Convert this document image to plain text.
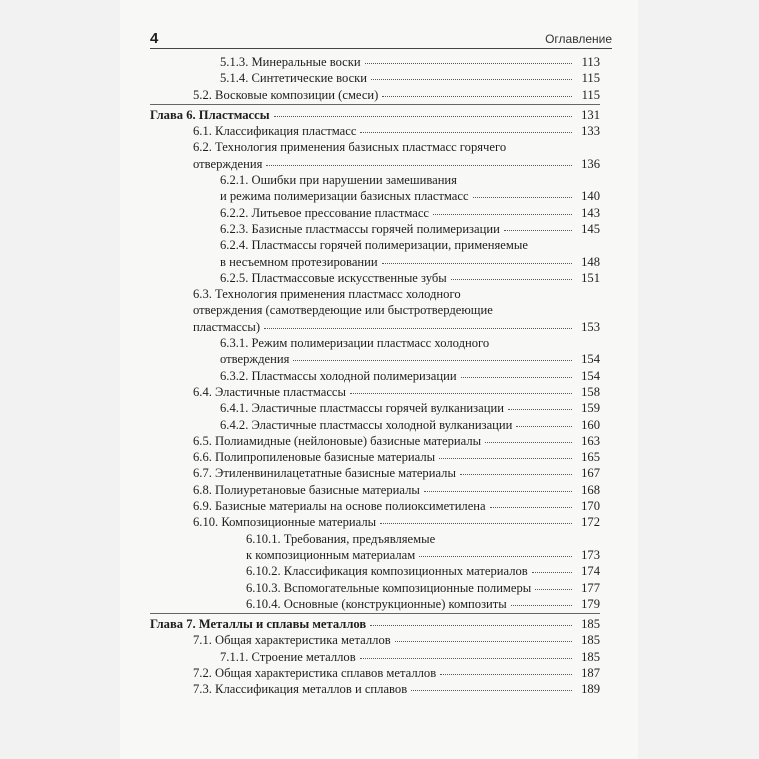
4	Оглавление
5.1.3. Минеральные воски	113
5.1.4. Синтетические воски	115
5.2. Восковые композиции (смеси)	115
Глава 6. Пластмассы	131
6.1. Классификация пластмасс	133
6.2. Технология применения базисных пластмасс горячего
отверждения	136
6.2.1. Ошибки при нарушении замешивания
и режима полимеризации базисных пластмасс	140
6.2.2. Литьевое прессование пластмасс	143
6.2.3. Базисные пластмассы горячей полимеризации	145
6.2.4. Пластмассы горячей полимеризации, применяемые
в несъемном протезировании	148
6.2.5. Пластмассовые искусственные зубы	151
6.3. Технология применения пластмасс холодного
отверждения (самотвердеющие или быстротвердеющие
пластмассы)	153
6.3.1. Режим полимеризации пластмасс холодного
отверждения	154
6.3.2. Пластмассы холодной полимеризации	154
6.4. Эластичные пластмассы	158
6.4.1. Эластичные пластмассы горячей вулканизации	159
6.4.2. Эластичные пластмассы холодной вулканизации	160
6.5. Полиамидные (нейлоновые) базисные материалы	163
6.6. Полипропиленовые базисные материалы	165
6.7. Этиленвинилацетатные базисные материалы	167
6.8. Полиуретановые базисные материалы	168
6.9. Базисные материалы на основе полиоксиметилена	170
6.10. Композиционные материалы	172
6.10.1. Требования, предъявляемые
к композиционным материалам	173
6.10.2. Классификация композиционных материалов	174
6.10.3. Вспомогательные композиционные полимеры	177
6.10.4. Основные (конструкционные) композиты	179
Глава 7. Металлы и сплавы металлов	185
7.1. Общая характеристика металлов	185
7.1.1. Строение металлов	185
7.2. Общая характеристика сплавов металлов	187
7.3. Классификация металлов и сплавов	189
